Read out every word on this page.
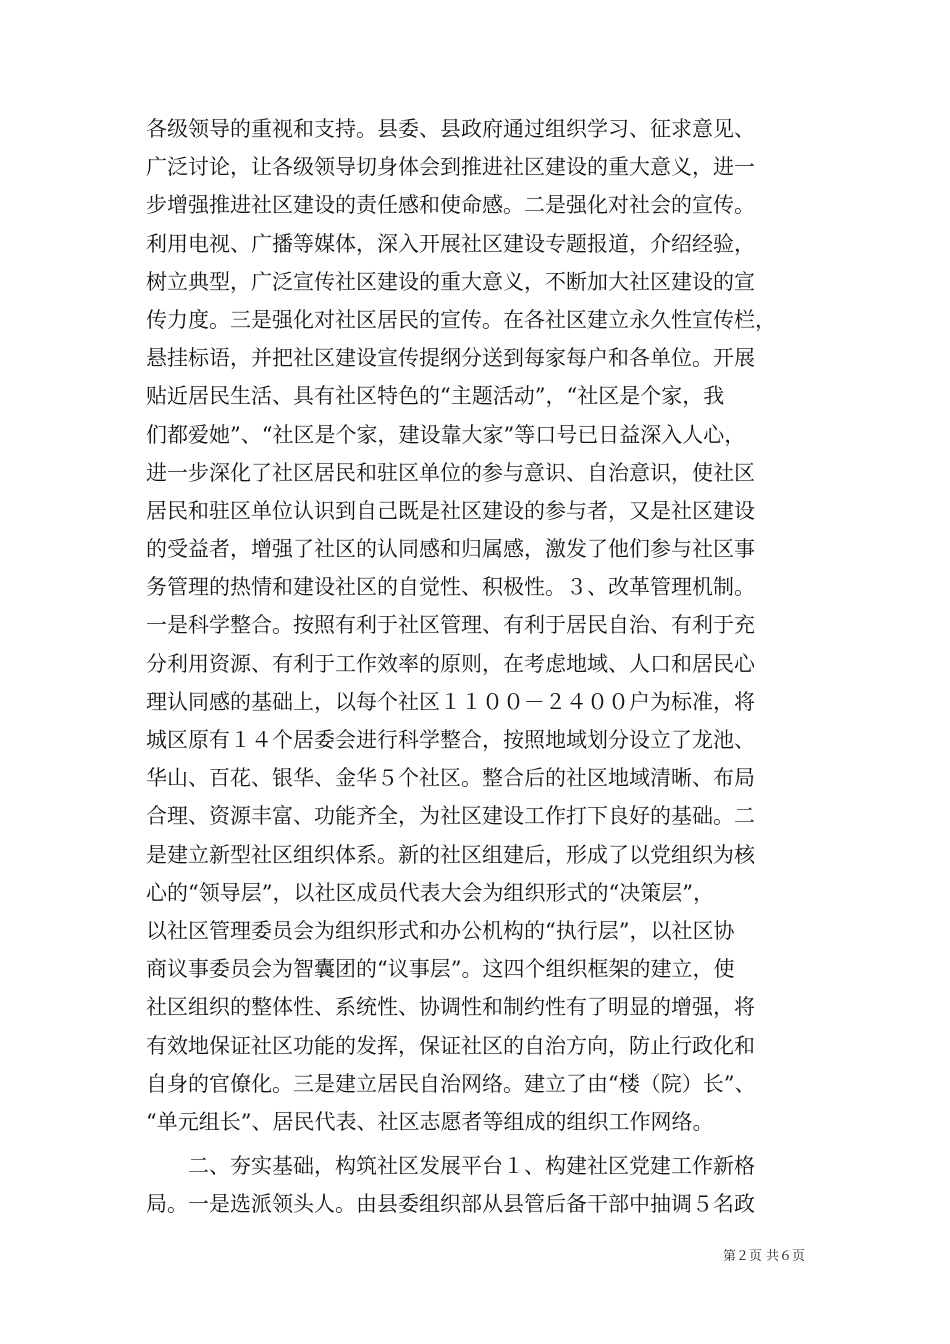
各级领导的重视和支持。县委、县政府通过组织学习、征求意见、
广泛讨论，让各级领导切身体会到推进社区建设的重大意义，进一
步增强推进社区建设的责任感和使命感。二是强化对社会的宣传。
利用电视、广播等媒体，深入开展社区建设专题报道，介绍经验，
树立典型，广泛宣传社区建设的重大意义，不断加大社区建设的宣
传力度。三是强化对社区居民的宣传。在各社区建立永久性宣传栏，
悬挂标语，并把社区建设宣传提纲分送到每家每户和各单位。开展
贴近居民生活、具有社区特色的“主题活动”，“社区是个家，我
们都爱她”、“社区是个家，建设靠大家”等口号已日益深入人心，
进一步深化了社区居民和驻区单位的参与意识、自治意识，使社区
居民和驻区单位认识到自己既是社区建设的参与者，又是社区建设
的受益者，增强了社区的认同感和归属感，激发了他们参与社区事
务管理的热情和建设社区的自觉性、积极性。３、改革管理机制。
一是科学整合。按照有利于社区管理、有利于居民自治、有利于充
分利用资源、有利于工作效率的原则，在考虑地域、人口和居民心
理认同感的基础上，以每个社区１１００－２４００户为标准，将
城区原有１４个居委会进行科学整合，按照地域划分设立了龙池、
华山、百花、银华、金华５个社区。整合后的社区地域清晰、布局
合理、资源丰富、功能齐全，为社区建设工作打下良好的基础。二
是建立新型社区组织体系。新的社区组建后，形成了以党组织为核
心的“领导层”，以社区成员代表大会为组织形式的“决策层”，
以社区管理委员会为组织形式和办公机构的“执行层”，以社区协
商议事委员会为智囊团的“议事层”。这四个组织框架的建立，使
社区组织的整体性、系统性、协调性和制约性有了明显的增强，将
有效地保证社区功能的发挥，保证社区的自治方向，防止行政化和
自身的官僚化。三是建立居民自治网络。建立了由“楼（院）长”、
“单元组长”、居民代表、社区志愿者等组成的组织工作网络。
二、夯实基础，构筑社区发展平台１、构建社区党建工作新格
局。一是选派领头人。由县委组织部从县管后备干部中抽调５名政
第２页 共６页
